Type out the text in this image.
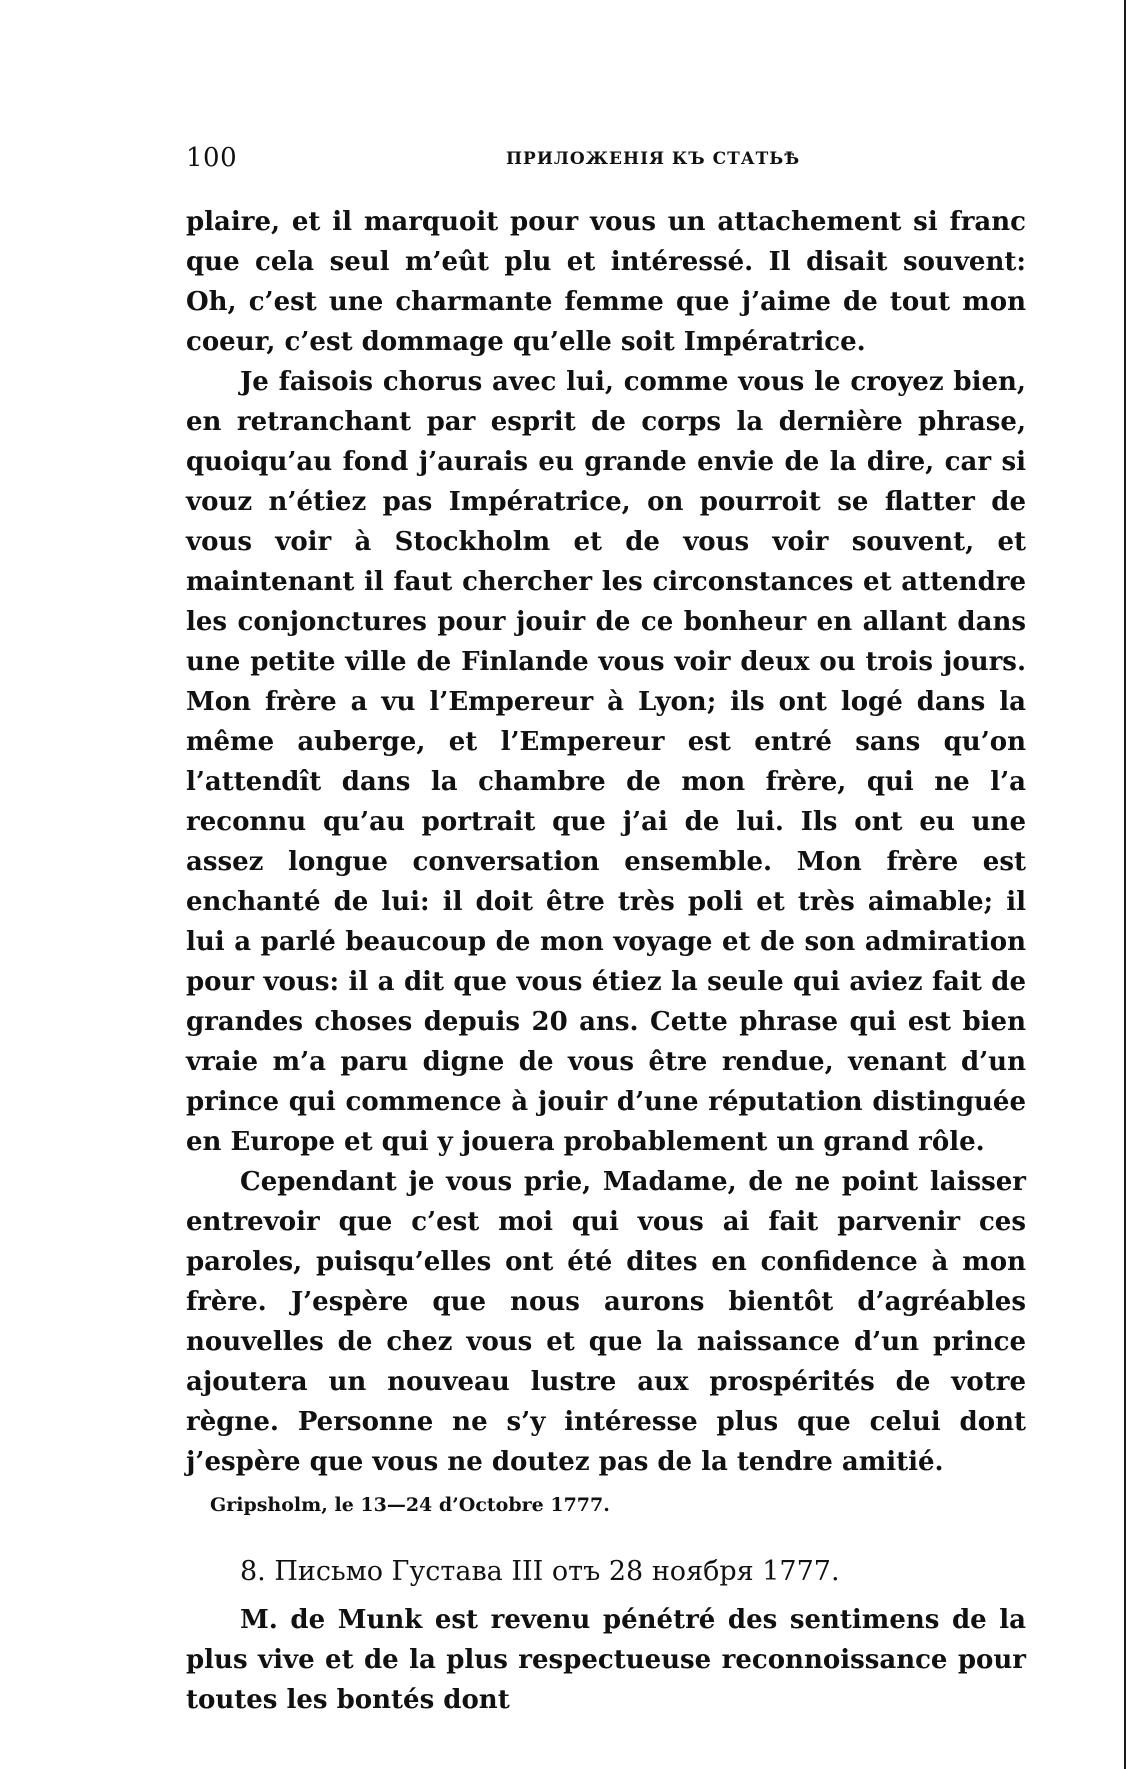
100	ПРИЛОЖЕНІЯ КЪ СТАТЬѢ

plaire, et il marquoit pour vous un attachement si franc que cela seul m’eût plu et intéressé. Il disait souvent: Oh, c’est une charmante femme que j’aime de tout mon coeur, c’est dommage qu’elle soit Impératrice.

Je faisois chorus avec lui, comme vous le croyez bien, en retranchant par esprit de corps la dernière phrase, quoiqu’au fond j’aurais eu grande envie de la dire, car si vouz n’étiez pas Impératrice, on pourroit se flatter de vous voir à Stockholm et de vous voir souvent, et maintenant il faut chercher les circonstances et attendre les conjonctures pour jouir de ce bonheur en allant dans une petite ville de Finlande vous voir deux ou trois jours. Mon frère a vu l’Empereur à Lyon; ils ont logé dans la même auberge, et l’Empereur est entré sans qu’on l’attendît dans la chambre de mon frère, qui ne l’a reconnu qu’au portrait que j’ai de lui. Ils ont eu une assez longue conversation ensemble. Mon frère est enchanté de lui: il doit être très poli et très aimable; il lui a parlé beaucoup de mon voyage et de son admiration pour vous: il a dit que vous étiez la seule qui aviez fait de grandes choses depuis 20 ans. Cette phrase qui est bien vraie m’a paru digne de vous être rendue, venant d’un prince qui commence à jouir d’une réputation distinguée en Europe et qui y jouera probablement un grand rôle.

Cependant je vous prie, Madame, de ne point laisser entrevoir que c’est moi qui vous ai fait parvenir ces paroles, puisqu’elles ont été dites en confidence à mon frère. J’espère que nous aurons bientôt d’agréables nouvelles de chez vous et que la naissance d’un prince ajoutera un nouveau lustre aux prospérités de votre règne. Personne ne s’y intéresse plus que celui dont j’espère que vous ne doutez pas de la tendre amitié.

Gripsholm, le 13—24 d’Octobre 1777.
8. Письмо Густава III отъ 28 ноября 1777.

M. de Munk est revenu pénétré des sentimens de la plus vive et de la plus respectueuse reconnoissance pour toutes les bontés dont
